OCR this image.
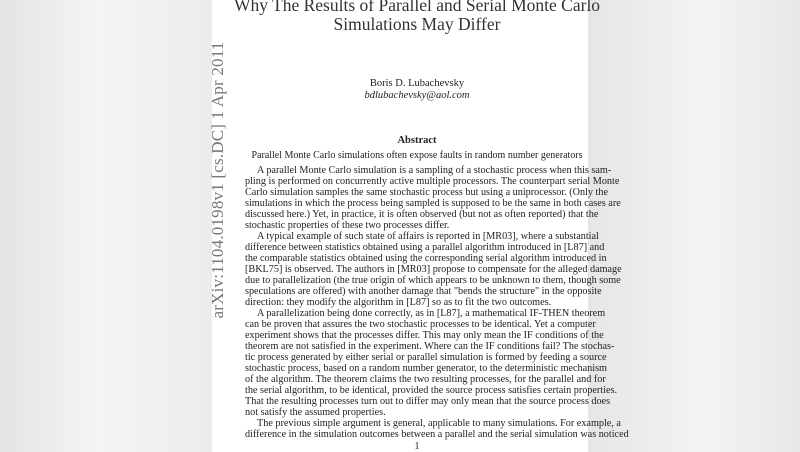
Why The Results of Parallel and Serial Monte Carlo
Simulations May Differ
arXiv:1104.0198v1 [cs.DC] 1 Apr 2011	Boris D. Lubachevsky
bdlubachevsky@aol.com
Abstract
Parallel Monte Carlo simulations often expose faults in random number generators
A parallel Monte Carlo simulation is a sampling of a stochastic process when this sam-
pling is performed on concurrently active multiple processors. The counterpart serial Monte
Carlo simulation samples the same stochastic process but using a uniprocessor. (Only the
simulations in which the process being sampled is supposed to be the same in both cases are
discussed here.) Yet, in practice, it is often observed (but not as often reported) that the
stochastic properties of these two processes differ.
A typical example of such state of affairs is reported in [MR03], where a substantial
difference between statistics obtained using a parallel algorithm introduced in [L87] and
the comparable statistics obtained using the corresponding serial algorithm introduced in
[BKL75] is observed. The authors in [MR03] propose to compensate for the alleged damage
due to parallelization (the true origin of which appears to be unknown to them, though some
speculations are offered) with another damage that "bends the structure" in the opposite
direction: they modify the algorithm in [L87] so as to fit the two outcomes.
A parallelization being done correctly, as in [L87], a mathematical IF-THEN theorem
can be proven that assures the two stochastic processes to be identical. Yet a computer
experiment shows that the processes differ. This may only mean the IF conditions of the
theorem are not satisfied in the experiment. Where can the IF conditions fail? The stochas-
tic process generated by either serial or parallel simulation is formed by feeding a source
stochastic process, based on a random number generator, to the deterministic mechanism
of the algorithm. The theorem claims the two resulting processes, for the parallel and for
the serial algorithm, to be identical, provided the source process satisfies certain properties.
That the resulting processes turn out to differ may only mean that the source process does
not satisfy the assumed properties.
The previous simple argument is general, applicable to many simulations. For example, a
difference in the simulation outcomes between a parallel and the serial simulation was noticed
1
